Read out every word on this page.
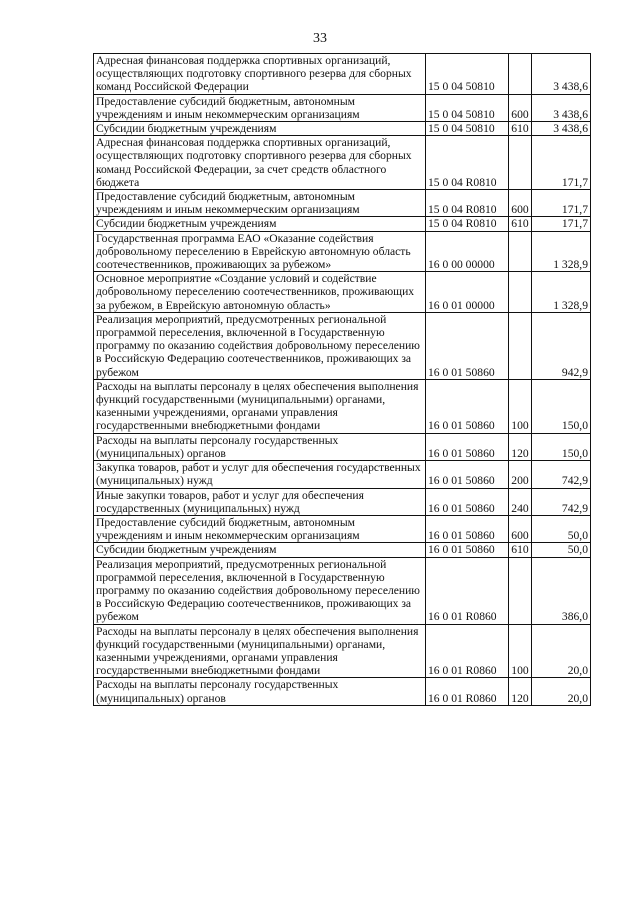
33
Адресная финансовая поддержка спортивных организаций, осуществляющих подготовку спортивного резерва для сборных команд Российской Федерации	15 0 04 50810		3 438,6
Предоставление субсидий бюджетным, автономным учреждениям и иным некоммерческим организациям	15 0 04 50810	600	3 438,6
Субсидии бюджетным учреждениям	15 0 04 50810	610	3 438,6
Адресная финансовая поддержка спортивных организаций, осуществляющих подготовку спортивного резерва для сборных команд Российской Федерации, за счет средств областного бюджета	15 0 04 R0810		171,7
Предоставление субсидий бюджетным, автономным учреждениям и иным некоммерческим организациям	15 0 04 R0810	600	171,7
Субсидии бюджетным учреждениям	15 0 04 R0810	610	171,7
Государственная программа ЕАО «Оказание содействия добровольному переселению в Еврейскую автономную область соотечественников, проживающих за рубежом»	16 0 00 00000		1 328,9
Основное мероприятие «Создание условий и содействие добровольному переселению соотечественников, проживающих за рубежом, в Еврейскую автономную область»	16 0 01 00000		1 328,9
Реализация мероприятий, предусмотренных региональной программой переселения, включенной в Государственную программу по оказанию содействия добровольному переселению в Российскую Федерацию соотечественников, проживающих за рубежом	16 0 01 50860		942,9
Расходы на выплаты персоналу в целях обеспечения выполнения функций государственными (муниципальными) органами, казенными учреждениями, органами управления государственными внебюджетными фондами	16 0 01 50860	100	150,0
Расходы на выплаты персоналу государственных (муниципальных) органов	16 0 01 50860	120	150,0
Закупка товаров, работ и услуг для обеспечения государственных (муниципальных) нужд	16 0 01 50860	200	742,9
Иные закупки товаров, работ и услуг для обеспечения государственных (муниципальных) нужд	16 0 01 50860	240	742,9
Предоставление субсидий бюджетным, автономным учреждениям и иным некоммерческим организациям	16 0 01 50860	600	50,0
Субсидии бюджетным учреждениям	16 0 01 50860	610	50,0
Реализация мероприятий, предусмотренных региональной программой переселения, включенной в Государственную программу по оказанию содействия добровольному переселению в Российскую Федерацию соотечественников, проживающих за рубежом	16 0 01 R0860		386,0
Расходы на выплаты персоналу в целях обеспечения выполнения функций государственными (муниципальными) органами, казенными учреждениями, органами управления государственными внебюджетными фондами	16 0 01 R0860	100	20,0
Расходы на выплаты персоналу государственных (муниципальных) органов	16 0 01 R0860	120	20,0
